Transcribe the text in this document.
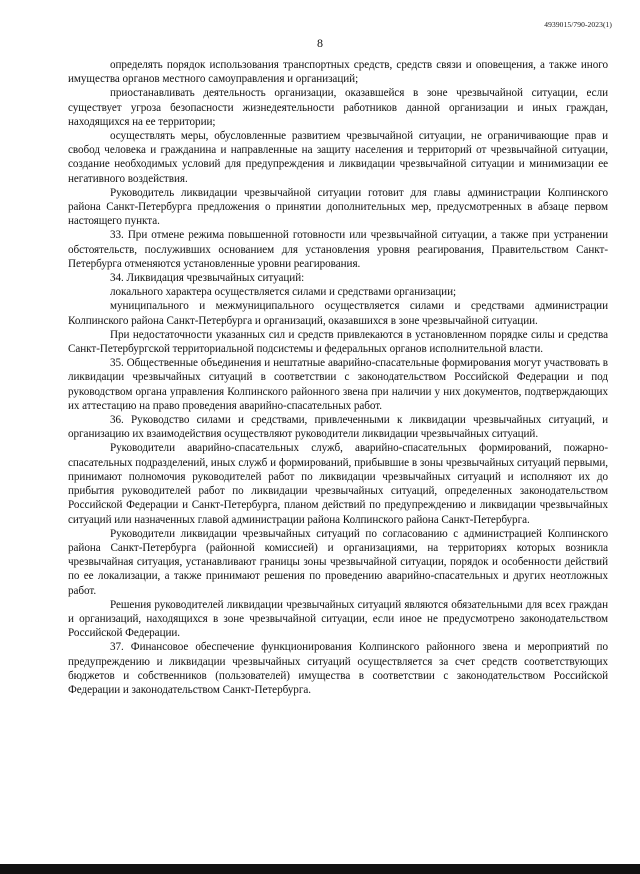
4939015/790-2023(1)
8

определять порядок использования транспортных средств, средств связи и оповещения, а также иного имущества органов местного самоуправления и организаций;

приостанавливать деятельность организации, оказавшейся в зоне чрезвычайной ситуации, если существует угроза безопасности жизнедеятельности работников данной организации и иных граждан, находящихся на ее территории;

осуществлять меры, обусловленные развитием чрезвычайной ситуации, не ограничивающие прав и свобод человека и гражданина и направленные на защиту населения и территорий от чрезвычайной ситуации, создание необходимых условий для предупреждения и ликвидации чрезвычайной ситуации и минимизации ее негативного воздействия.

Руководитель ликвидации чрезвычайной ситуации готовит для главы администрации Колпинского района Санкт-Петербурга предложения о принятии дополнительных мер, предусмотренных в абзаце первом настоящего пункта.

33. При отмене режима повышенной готовности или чрезвычайной ситуации, а также при устранении обстоятельств, послуживших основанием для установления уровня реагирования, Правительством Санкт-Петербурга отменяются установленные уровни реагирования.

34. Ликвидация чрезвычайных ситуаций:

локального характера осуществляется силами и средствами организации;

муниципального и межмуниципального осуществляется силами и средствами администрации Колпинского района Санкт-Петербурга и организаций, оказавшихся в зоне чрезвычайной ситуации.

При недостаточности указанных сил и средств привлекаются в установленном порядке силы и средства Санкт-Петербургской территориальной подсистемы и федеральных органов исполнительной власти.

35. Общественные объединения и нештатные аварийно-спасательные формирования могут участвовать в ликвидации чрезвычайных ситуаций в соответствии с законодательством Российской Федерации и под руководством органа управления Колпинского районного звена при наличии у них документов, подтверждающих их аттестацию на право проведения аварийно-спасательных работ.

36. Руководство силами и средствами, привлеченными к ликвидации чрезвычайных ситуаций, и организацию их взаимодействия осуществляют руководители ликвидации чрезвычайных ситуаций.

Руководители аварийно-спасательных служб, аварийно-спасательных формирований, пожарно-спасательных подразделений, иных служб и формирований, прибывшие в зоны чрезвычайных ситуаций первыми, принимают полномочия руководителей работ по ликвидации чрезвычайных ситуаций и исполняют их до прибытия руководителей работ по ликвидации чрезвычайных ситуаций, определенных законодательством Российской Федерации и Санкт-Петербурга, планом действий по предупреждению и ликвидации чрезвычайных ситуаций или назначенных главой администрации района Колпинского района Санкт-Петербурга.

Руководители ликвидации чрезвычайных ситуаций по согласованию с администрацией Колпинского района Санкт-Петербурга (районной комиссией) и организациями, на территориях которых возникла чрезвычайная ситуация, устанавливают границы зоны чрезвычайной ситуации, порядок и особенности действий по ее локализации, а также принимают решения по проведению аварийно-спасательных и других неотложных работ.

Решения руководителей ликвидации чрезвычайных ситуаций являются обязательными для всех граждан и организаций, находящихся в зоне чрезвычайной ситуации, если иное не предусмотрено законодательством Российской Федерации.

37. Финансовое обеспечение функционирования Колпинского районного звена и мероприятий по предупреждению и ликвидации чрезвычайных ситуаций осуществляется за счет средств соответствующих бюджетов и собственников (пользователей) имущества в соответствии с законодательством Российской Федерации и законодательством Санкт-Петербурга.
